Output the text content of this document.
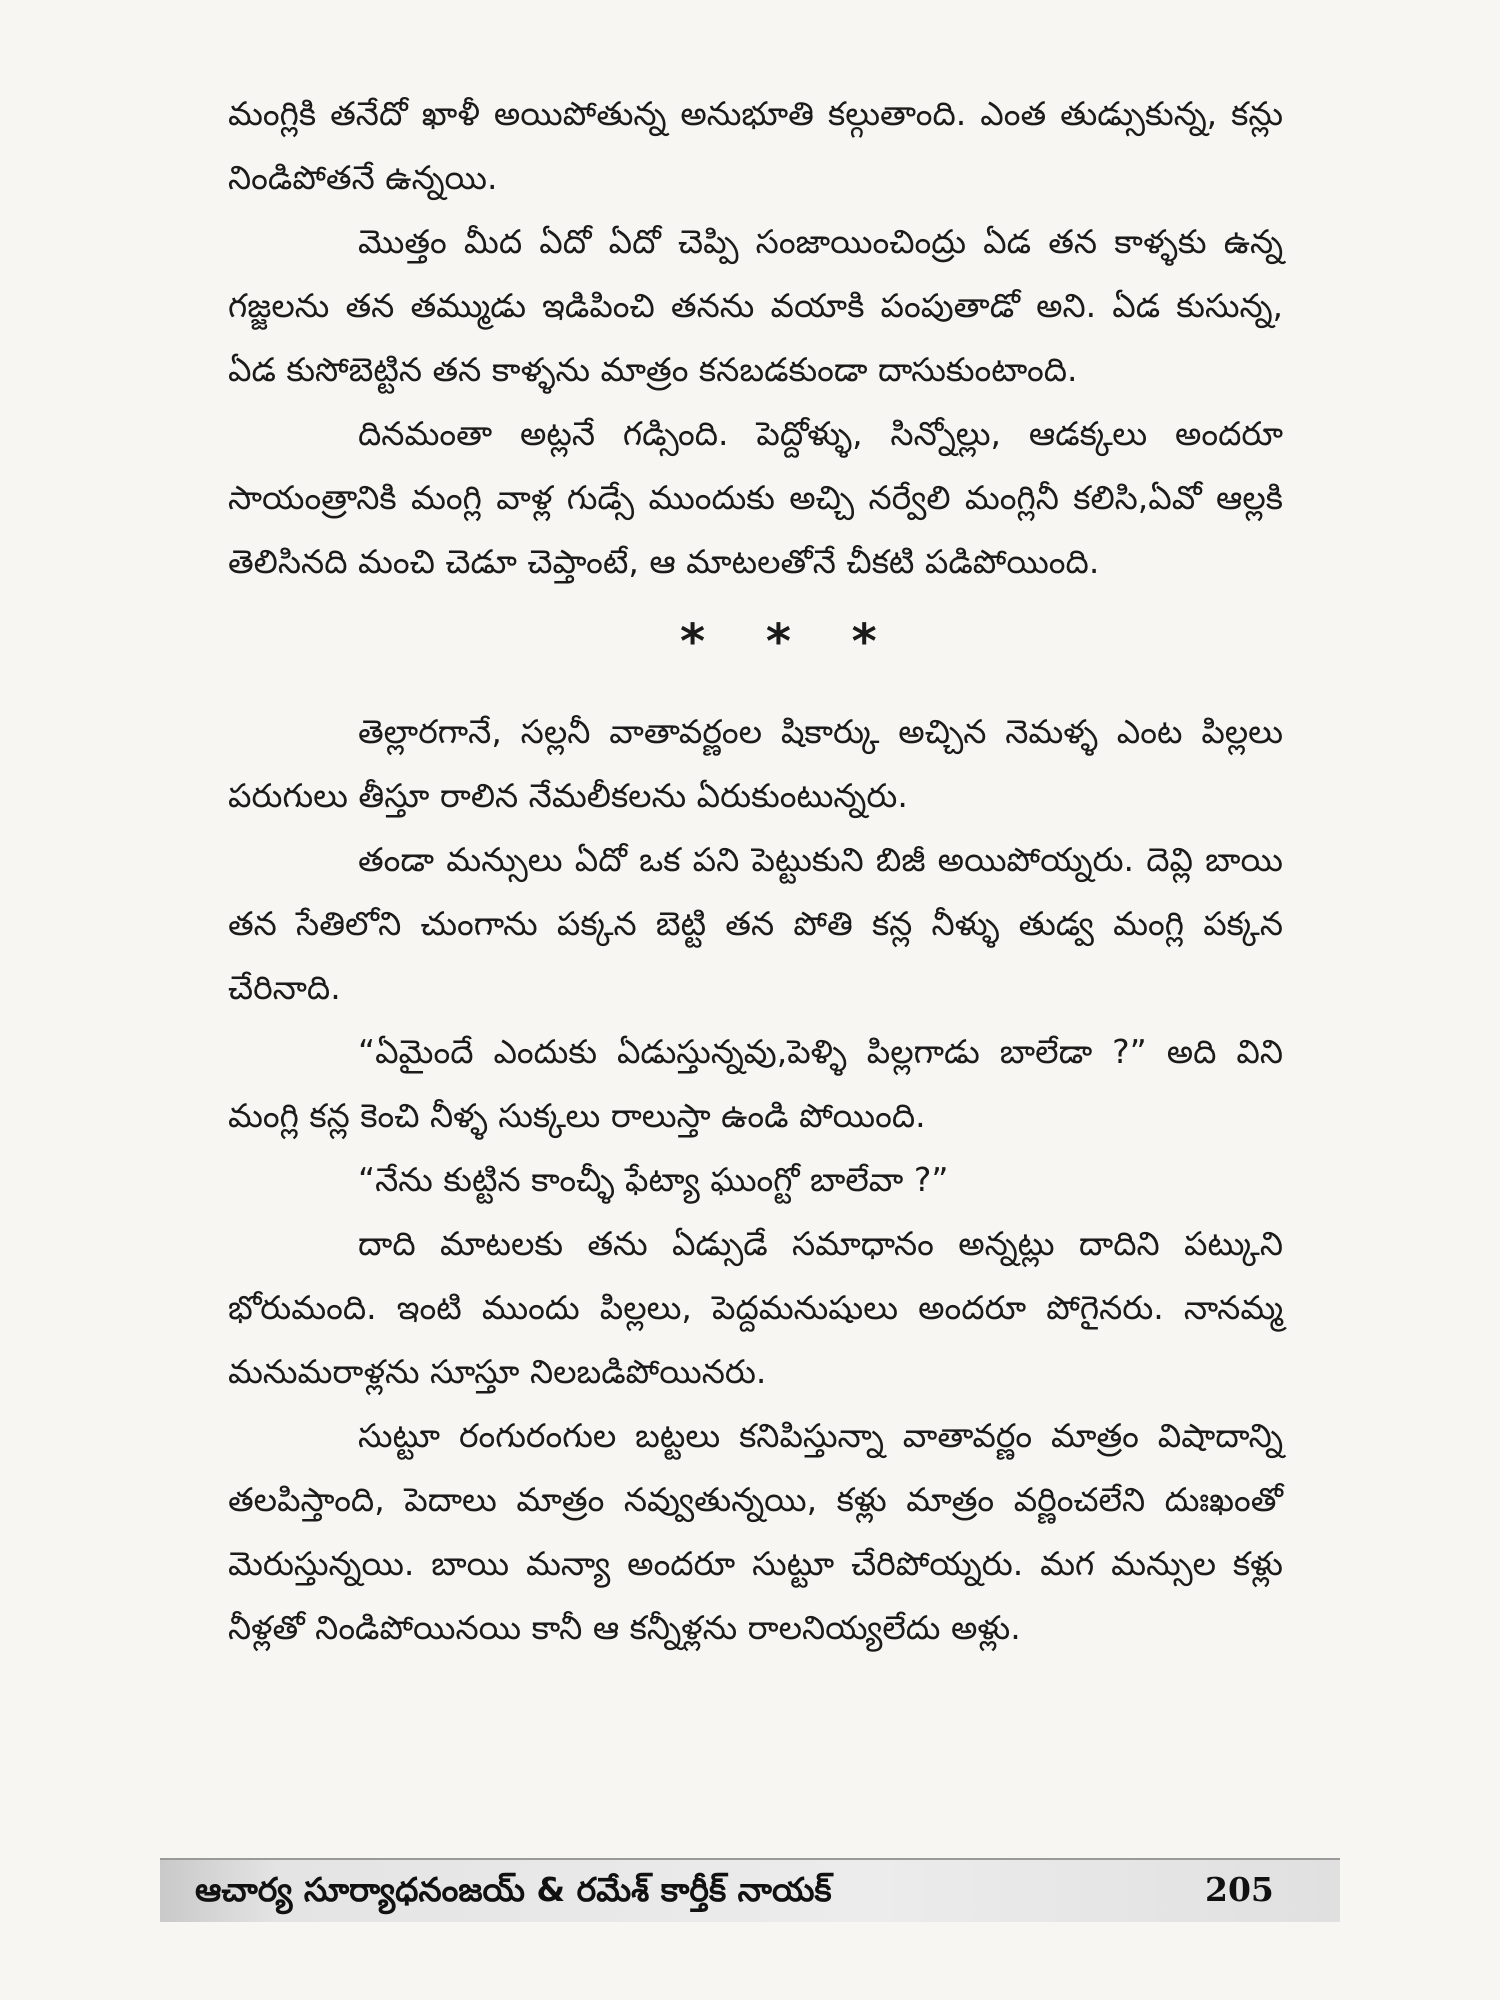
మంగ్లికి తనేదో ఖాళీ అయిపోతున్న అనుభూతి కల్గుతాంది. ఎంత తుడ్సుకున్న, కన్లు నిండిపోతనే ఉన్నయి.

మొత్తం మీద ఏదో ఏదో చెప్పి సంజాయించింద్రు ఏడ తన కాళ్ళకు ఉన్న గజ్జలను తన తమ్ముడు ఇడిపించి తనను వయాకి పంపుతాడో అని. ఏడ కుసున్న, ఏడ కుసోబెట్టిన తన కాళ్ళను మాత్రం కనబడకుండా దాసుకుంటాంది.

దినమంతా అట్లనే గడ్సింది. పెద్దోళ్ళు, సిన్నోల్లు, ఆడక్కలు అందరూ సాయంత్రానికి మంగ్లి వాళ్ల గుడ్సే ముందుకు అచ్చి నర్వేలి మంగ్లినీ కలిసి,ఏవో ఆల్లకి తెలిసినది మంచి చెడూ చెప్తాంటే, ఆ మాటలతోనే చీకటి పడిపోయింది.

* * *

తెల్లారగానే, సల్లనీ వాతావర్ణంల షికార్కు అచ్చిన నెమళ్ళ ఎంట పిల్లలు పరుగులు తీస్తూ రాలిన నేమలీకలను ఏరుకుంటున్నరు.

తండా మన్సులు ఏదో ఒక పని పెట్టుకుని బిజీ అయిపోయ్నరు. దెవ్లి బాయి తన సేతిలోని చుంగాను పక్కన బెట్టి తన పోతి కన్ల నీళ్ళు తుడ్వ మంగ్లి పక్కన చేరినాది.

“ఏమైందే ఎందుకు ఏడుస్తున్నవు,పెళ్ళి పిల్లగాడు బాలేడా ?” అది విని మంగ్లి కన్ల కెంచి నీళ్ళ సుక్కలు రాలుస్తా ఉండి పోయింది.

“నేను కుట్టిన కాంచ్ళీ ఫేట్యా ఘుంగ్టో బాలేవా ?”

దాది మాటలకు తను ఏడ్సుడే సమాధానం అన్నట్లు దాదిని పట్కుని భోరుమంది. ఇంటి ముందు పిల్లలు, పెద్దమనుషులు అందరూ పోగైనరు. నానమ్మ మనుమరాళ్లను సూస్తూ నిలబడిపోయినరు.

సుట్టూ రంగురంగుల బట్టలు కనిపిస్తున్నా వాతావర్ణం మాత్రం విషాదాన్ని తలపిస్తాంది, పెదాలు మాత్రం నవ్వుతున్నయి, కళ్లు మాత్రం వర్ణించలేని దుఃఖంతో మెరుస్తున్నయి. బాయి మన్యా అందరూ సుట్టూ చేరిపోయ్నరు. మగ మన్సుల కళ్లు నీళ్లతో నిండిపోయినయి కానీ ఆ కన్నీళ్లను రాలనియ్యలేదు అళ్లు.

ఆచార్య సూర్యాధనంజయ్ & రమేశ్ కార్తీక్ నాయక్	205
